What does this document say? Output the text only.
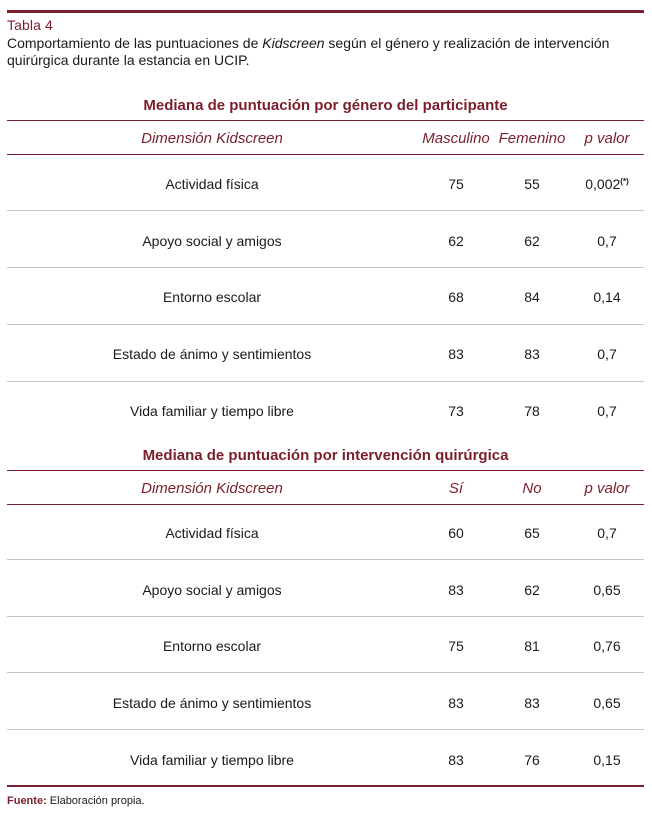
Tabla 4
Comportamiento de las puntuaciones de Kidscreen según el género y realización de intervención quirúrgica durante la estancia en UCIP.
Mediana de puntuación por género del participante
Dimensión Kidscreen	Masculino Femenino	p valor
Actividad física	75	55	0,002(*)
Apoyo social y amigos	62	62	0,7
Entorno escolar	68	84	0,14
Estado de ánimo y sentimientos	83	83	0,7
Vida familiar y tiempo libre	73	78	0,7
Mediana de puntuación por intervención quirúrgica
Dimensión Kidscreen	Sí	No	p valor
Actividad física	60	65	0,7
Apoyo social y amigos	83	62	0,65
Entorno escolar	75	81	0,76
Estado de ánimo y sentimientos	83	83	0,65
Vida familiar y tiempo libre	83	76	0,15
Fuente: Elaboración propia.
